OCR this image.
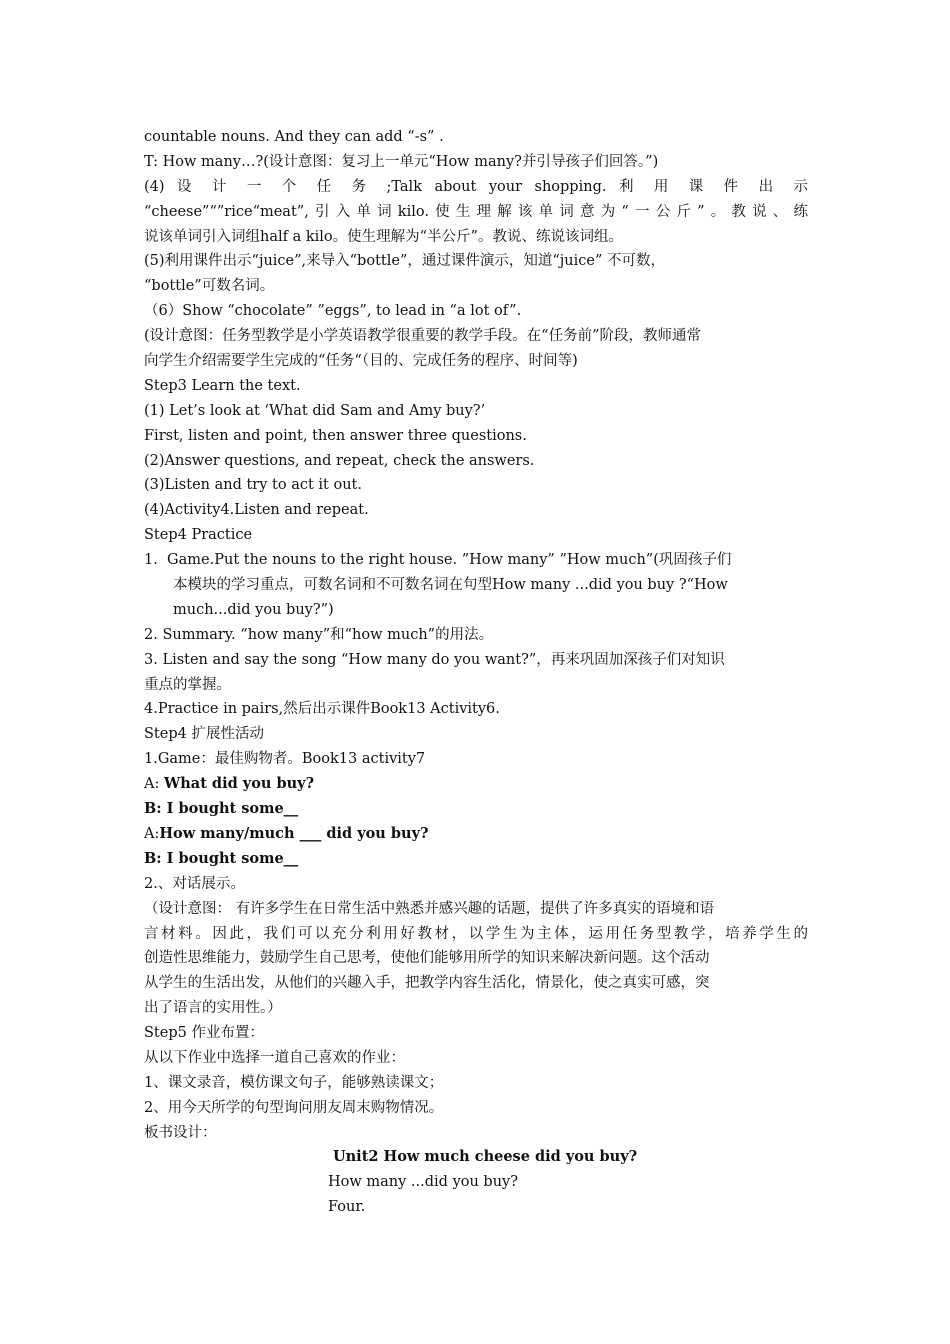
countable nouns. And they can add “-s” .
T: How many…?(设计意图：复习上一单元“How many?并引导孩子们回答。”)
(4) 设 计 一 个 任 务 ;Talk about your shopping. 利 用 课 件 出 示
“cheese”“”rice“meat”,引入单词kilo.使生理解该单词意为“一公斤”。教说、练
说该单词引入词组half a kilo。使生理解为“半公斤”。教说、练说该词组。
(5)利用课件出示“juice”,来导入“bottle”，通过课件演示，知道“juice” 不可数，
“bottle”可数名词。
（6）Show “chocolate” ”eggs”, to lead in “a lot of”.
(设计意图：任务型教学是小学英语教学很重要的教学手段。在“任务前”阶段，教师通常
向学生介绍需要学生完成的“任务“（目的、完成任务的程序、时间等)
Step3 Learn the text.
(1) Let’s look at ‘What did Sam and Amy buy?’
First, listen and point, then answer three questions.
(2)Answer questions, and repeat, check the answers.
(3)Listen and try to act it out.
(4)Activity4.Listen and repeat.
Step4 Practice
1.  Game.Put the nouns to the right house. ”How many” ”How much”(巩固孩子们
本模块的学习重点，可数名词和不可数名词在句型How many ...did you buy ?“How
much...did you buy?”)
2. Summary. “how many”和“how much”的用法。
3. Listen and say the song “How many do you want?”，再来巩固加深孩子们对知识
重点的掌握。
4.Practice in pairs,然后出示课件Book13 Activity6.
Step4 扩展性活动
1.Game：最佳购物者。Book13 activity7
A: What did you buy?
B: I bought some__
A:How many/much ___ did you buy?
B: I bought some__
2.、对话展示。
（设计意图： 有许多学生在日常生活中熟悉并感兴趣的话题，提供了许多真实的语境和语
言材料。因此，我们可以充分利用好教材，以学生为主体，运用任务型教学，培养学生的
创造性思维能力，鼓励学生自己思考，使他们能够用所学的知识来解决新问题。这个活动
从学生的生活出发，从他们的兴趣入手，把教学内容生活化，情景化，使之真实可感，突
出了语言的实用性。）
Step5 作业布置：
从以下作业中选择一道自己喜欢的作业：
1、课文录音，模仿课文句子，能够熟读课文；
2、用今天所学的句型询问朋友周末购物情况。
板书设计：
Unit2 How much cheese did you buy?
How many ...did you buy?
Four.
